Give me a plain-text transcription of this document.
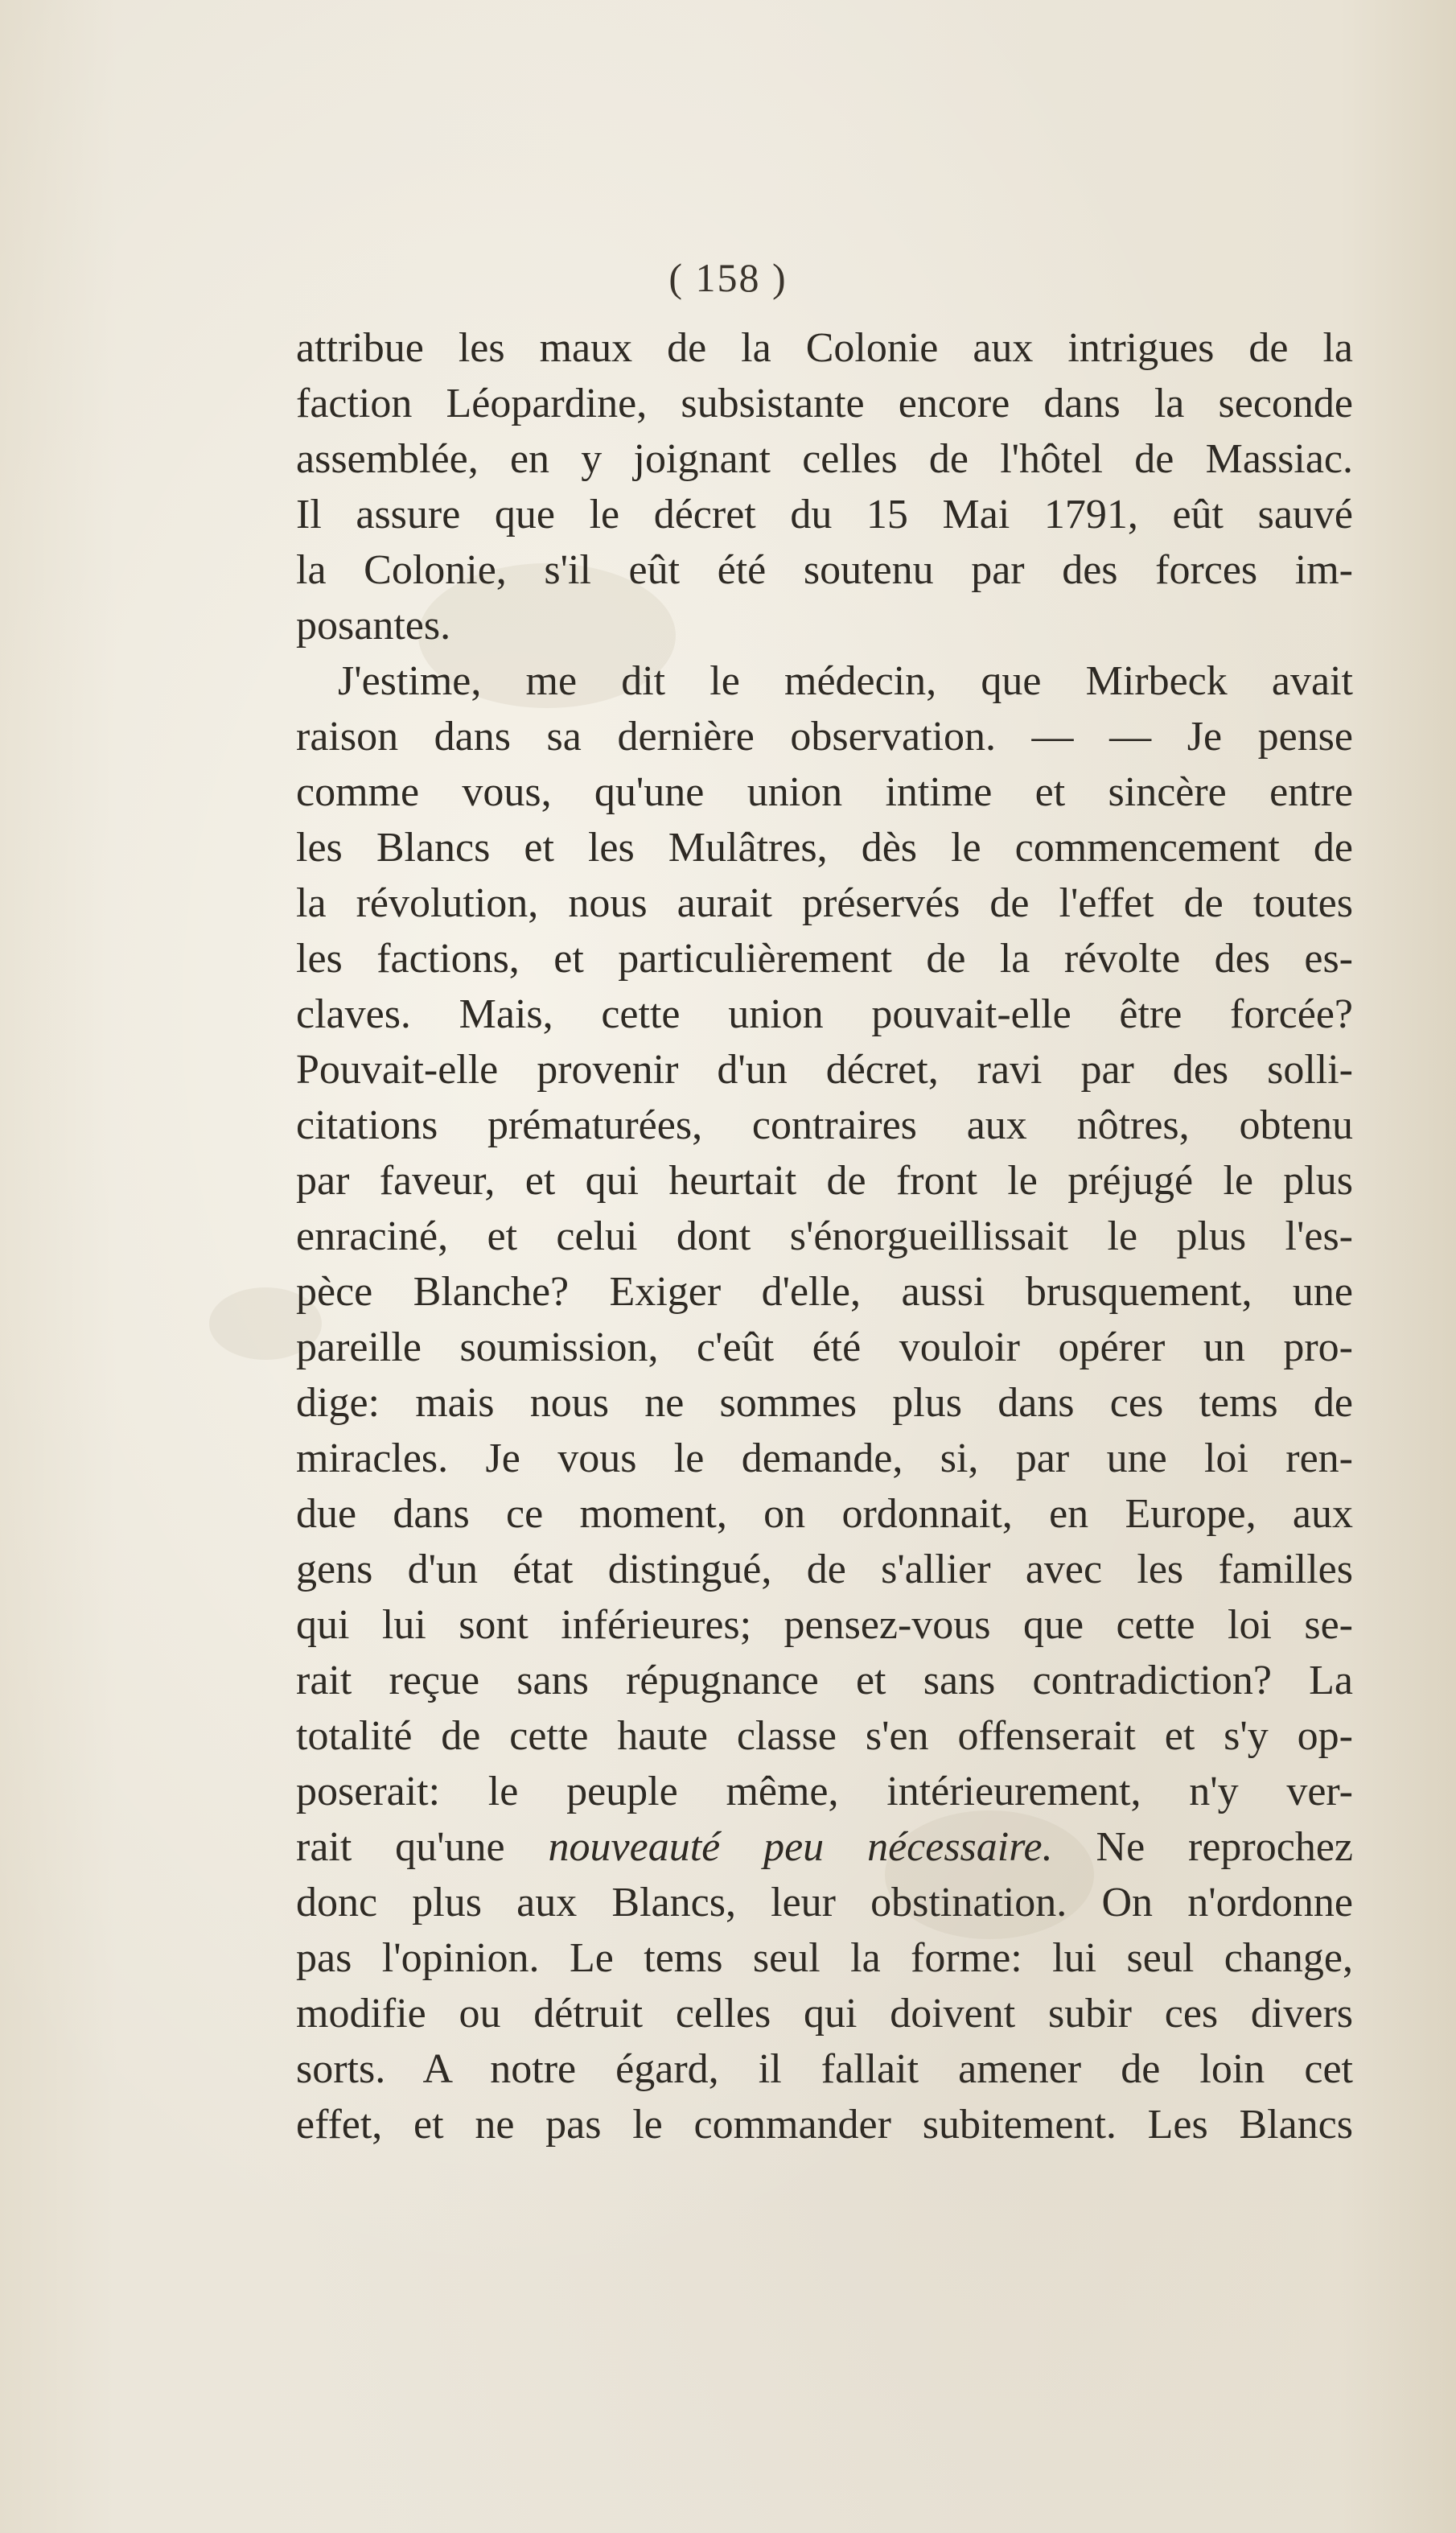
( 158 )
attribue les maux de la Colonie aux intrigues de la
faction Léopardine, subsistante encore dans la seconde
assemblée, en y joignant celles de l'hôtel de Massiac.
Il assure que le décret du 15 Mai 1791, eût sauvé
la Colonie, s'il eût été soutenu par des forces im-
posantes.
J'estime, me dit le médecin, que Mirbeck avait
raison dans sa dernière observation. — — Je pense
comme vous, qu'une union intime et sincère entre
les Blancs et les Mulâtres, dès le commencement de
la révolution, nous aurait préservés de l'effet de toutes
les factions, et particulièrement de la révolte des es-
claves. Mais, cette union pouvait-elle être forcée?
Pouvait-elle provenir d'un décret, ravi par des solli-
citations prématurées, contraires aux nôtres, obtenu
par faveur, et qui heurtait de front le préjugé le plus
enraciné, et celui dont s'énorgueillissait le plus l'es-
pèce Blanche? Exiger d'elle, aussi brusquement, une
pareille soumission, c'eût été vouloir opérer un pro-
dige: mais nous ne sommes plus dans ces tems de
miracles. Je vous le demande, si, par une loi ren-
due dans ce moment, on ordonnait, en Europe, aux
gens d'un état distingué, de s'allier avec les familles
qui lui sont inférieures; pensez-vous que cette loi se-
rait reçue sans répugnance et sans contradiction? La
totalité de cette haute classe s'en offenserait et s'y op-
poserait: le peuple même, intérieurement, n'y ver-
rait qu'une nouveauté peu nécessaire. Ne reprochez
donc plus aux Blancs, leur obstination. On n'ordonne
pas l'opinion. Le tems seul la forme: lui seul change,
modifie ou détruit celles qui doivent subir ces divers
sorts. A notre égard, il fallait amener de loin cet
effet, et ne pas le commander subitement. Les Blancs
